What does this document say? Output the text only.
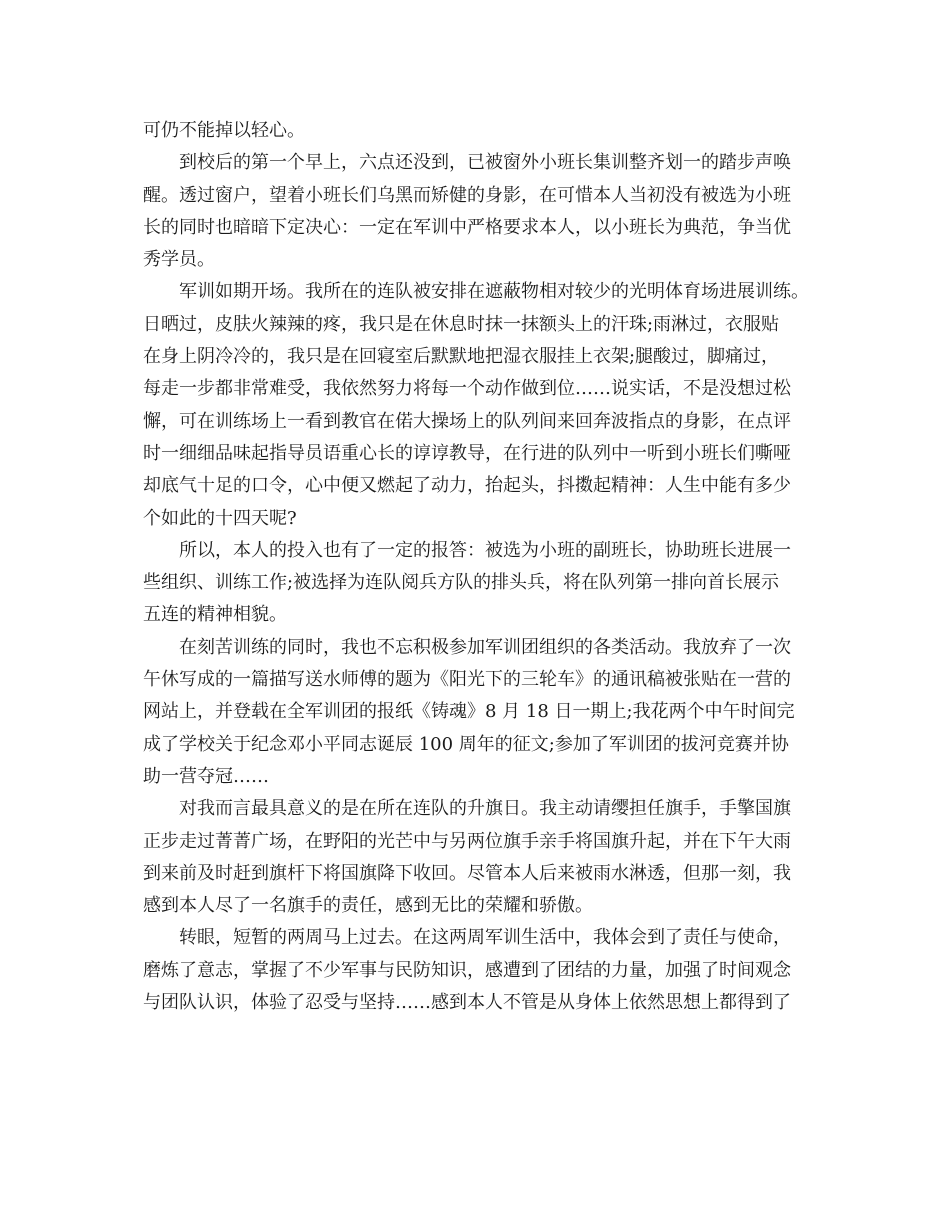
可仍不能掉以轻心。
到校后的第一个早上，六点还没到，已被窗外小班长集训整齐划一的踏步声唤
醒。透过窗户，望着小班长们乌黑而矫健的身影，在可惜本人当初没有被选为小班
长的同时也暗暗下定决心：一定在军训中严格要求本人，以小班长为典范，争当优
秀学员。
军训如期开场。我所在的连队被安排在遮蔽物相对较少的光明体育场进展训练。
日晒过，皮肤火辣辣的疼，我只是在休息时抹一抹额头上的汗珠;雨淋过，衣服贴
在身上阴冷冷的，我只是在回寝室后默默地把湿衣服挂上衣架;腿酸过，脚痛过，
每走一步都非常难受，我依然努力将每一个动作做到位……说实话，不是没想过松
懈，可在训练场上一看到教官在偌大操场上的队列间来回奔波指点的身影，在点评
时一细细品味起指导员语重心长的谆谆教导，在行进的队列中一听到小班长们嘶哑
却底气十足的口令，心中便又燃起了动力，抬起头，抖擞起精神：人生中能有多少
个如此的十四天呢?
所以，本人的投入也有了一定的报答：被选为小班的副班长，协助班长进展一
些组织、训练工作;被选择为连队阅兵方队的排头兵，将在队列第一排向首长展示
五连的精神相貌。
在刻苦训练的同时，我也不忘积极参加军训团组织的各类活动。我放弃了一次
午休写成的一篇描写送水师傅的题为《阳光下的三轮车》的通讯稿被张贴在一营的
网站上，并登载在全军训团的报纸《铸魂》8 月 18 日一期上;我花两个中午时间完
成了学校关于纪念邓小平同志诞辰 100 周年的征文;参加了军训团的拔河竞赛并协
助一营夺冠……
对我而言最具意义的是在所在连队的升旗日。我主动请缨担任旗手，手擎国旗
正步走过菁菁广场，在野阳的光芒中与另两位旗手亲手将国旗升起，并在下午大雨
到来前及时赶到旗杆下将国旗降下收回。尽管本人后来被雨水淋透，但那一刻，我
感到本人尽了一名旗手的责任，感到无比的荣耀和骄傲。
转眼，短暂的两周马上过去。在这两周军训生活中，我体会到了责任与使命，
磨炼了意志，掌握了不少军事与民防知识，感遭到了团结的力量，加强了时间观念
与团队认识，体验了忍受与坚持……感到本人不管是从身体上依然思想上都得到了
